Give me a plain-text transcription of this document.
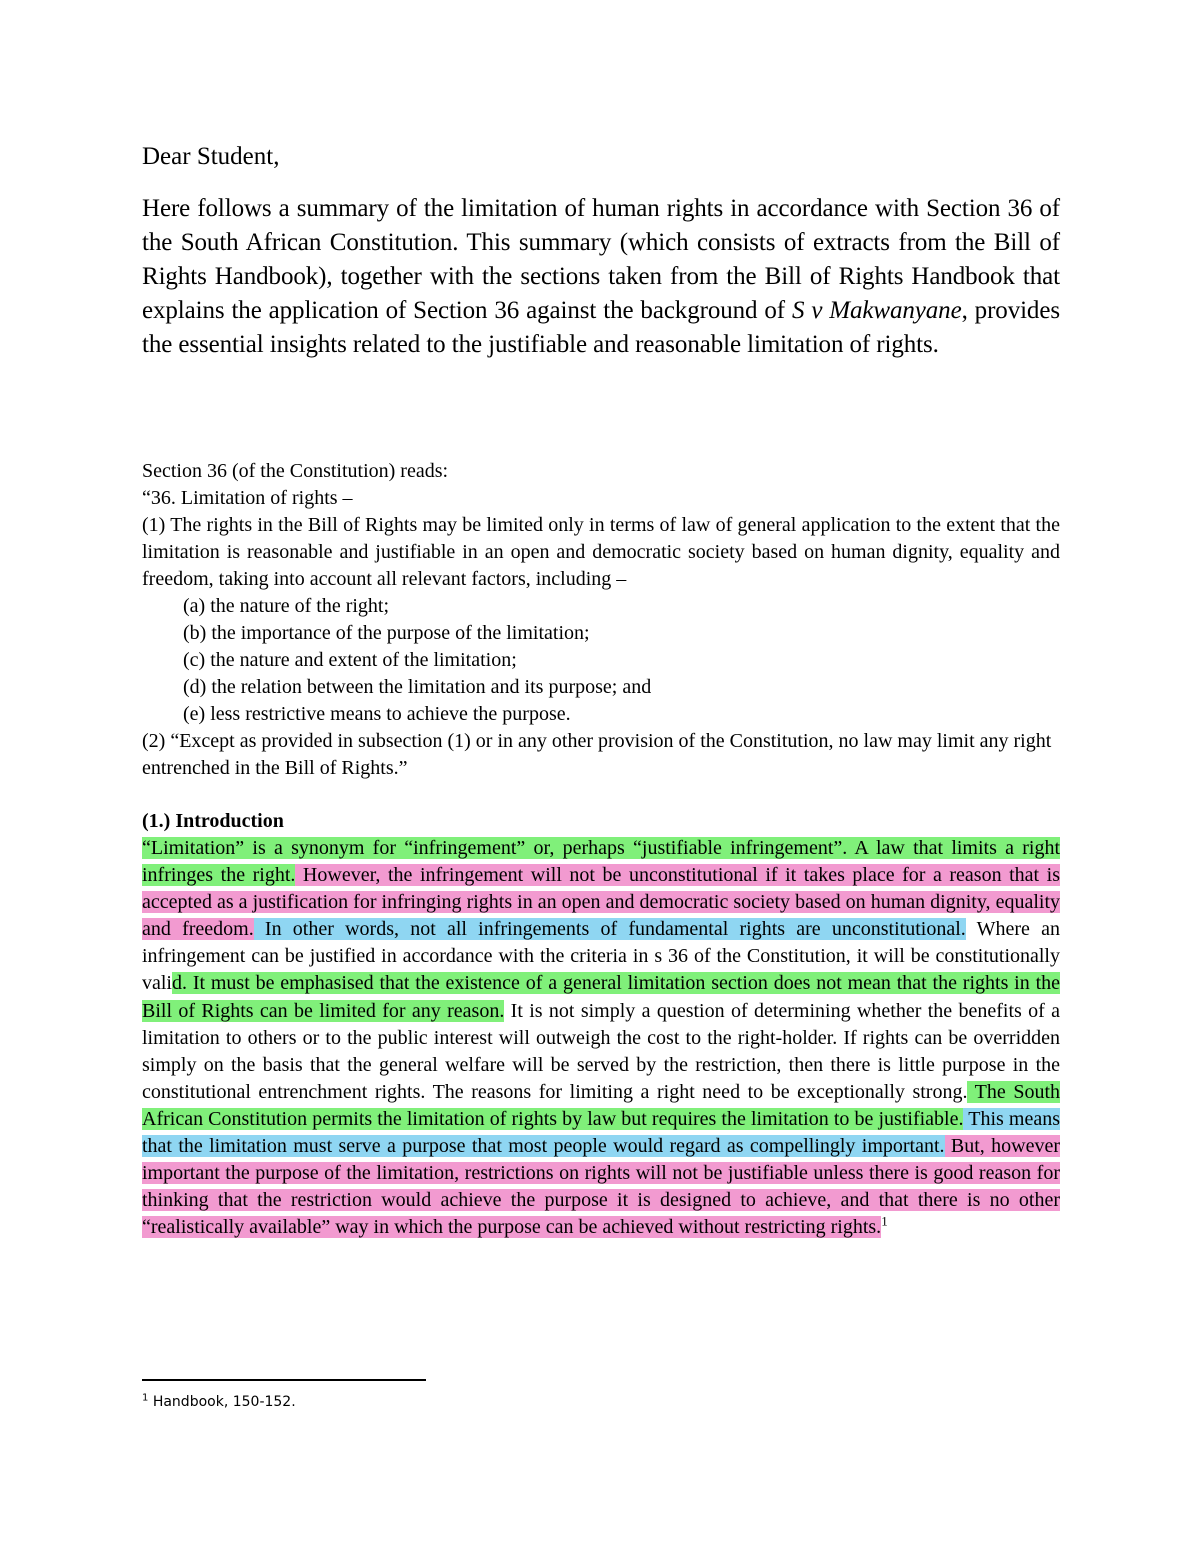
Dear Student,

Here follows a summary of the limitation of human rights in accordance with Section 36 of the South African Constitution. This summary (which consists of extracts from the Bill of Rights Handbook), together with the sections taken from the Bill of Rights Handbook that explains the application of Section 36 against the background of S v Makwanyane, provides the essential insights related to the justifiable and reasonable limitation of rights.

Section 36 (of the Constitution) reads:

“36. Limitation of rights –

(1) The rights in the Bill of Rights may be limited only in terms of law of general application to the extent that the limitation is reasonable and justifiable in an open and democratic society based on human dignity, equality and freedom, taking into account all relevant factors, including –

(a) the nature of the right;
(b) the importance of the purpose of the limitation;
(c) the nature and extent of the limitation;
(d) the relation between the limitation and its purpose; and
(e) less restrictive means to achieve the purpose.

(2) “Except as provided in subsection (1) or in any other provision of the Constitution, no law may limit any right entrenched in the Bill of Rights.”

(1.) Introduction

“Limitation” is a synonym for “infringement” or, perhaps “justifiable infringement”. A law that limits a right infringes the right. However, the infringement will not be unconstitutional if it takes place for a reason that is accepted as a justification for infringing rights in an open and democratic society based on human dignity, equality and freedom. In other words, not all infringements of fundamental rights are unconstitutional. Where an infringement can be justified in accordance with the criteria in s 36 of the Constitution, it will be constitutionally valid. It must be emphasised that the existence of a general limitation section does not mean that the rights in the Bill of Rights can be limited for any reason. It is not simply a question of determining whether the benefits of a limitation to others or to the public interest will outweigh the cost to the right-holder. If rights can be overridden simply on the basis that the general welfare will be served by the restriction, then there is little purpose in the constitutional entrenchment rights. The reasons for limiting a right need to be exceptionally strong. The South African Constitution permits the limitation of rights by law but requires the limitation to be justifiable. This means that the limitation must serve a purpose that most people would regard as compellingly important. But, however important the purpose of the limitation, restrictions on rights will not be justifiable unless there is good reason for thinking that the restriction would achieve the purpose it is designed to achieve, and that there is no other “realistically available” way in which the purpose can be achieved without restricting rights.$^1$

$^1$ Handbook, 150-152.
